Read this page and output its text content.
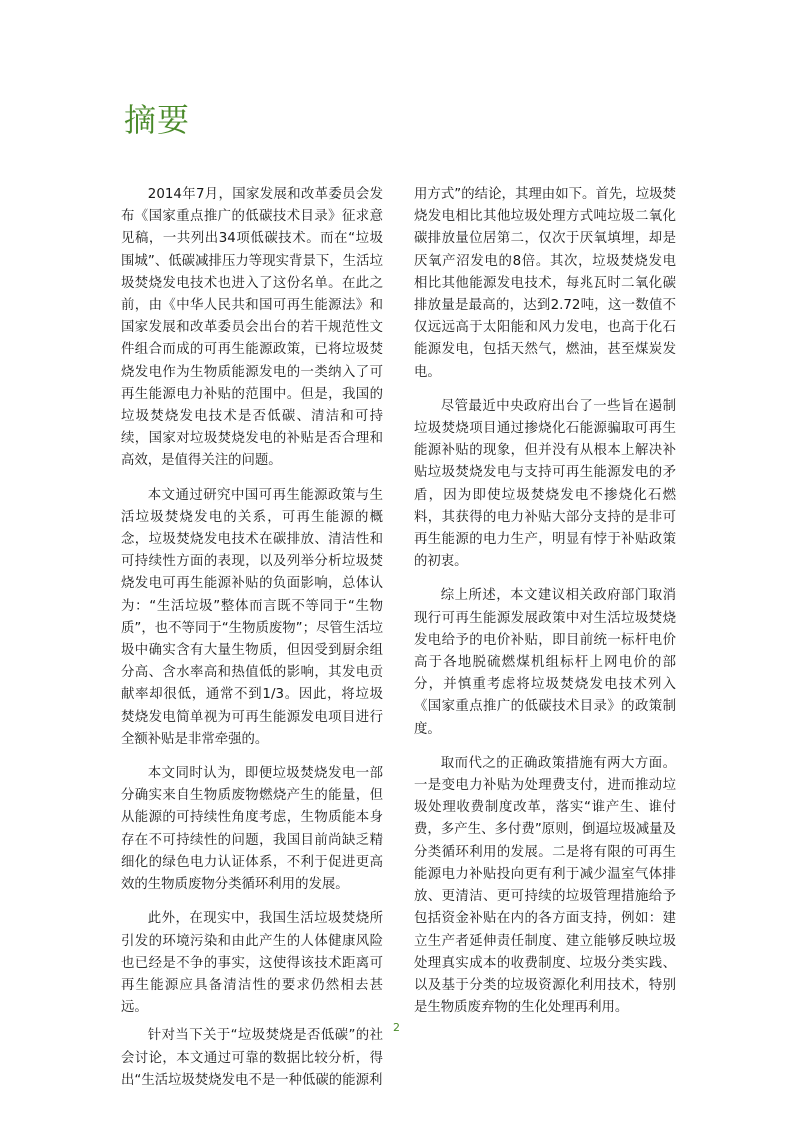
摘要

2014年7月，国家发展和改革委员会发布《国家重点推广的低碳技术目录》征求意见稿，一共列出34项低碳技术。而在“垃圾围城”、低碳减排压力等现实背景下，生活垃圾焚烧发电技术也进入了这份名单。在此之前，由《中华人民共和国可再生能源法》和国家发展和改革委员会出台的若干规范性文件组合而成的可再生能源政策，已将垃圾焚烧发电作为生物质能源发电的一类纳入了可再生能源电力补贴的范围中。但是，我国的垃圾焚烧发电技术是否低碳、清洁和可持续，国家对垃圾焚烧发电的补贴是否合理和高效，是值得关注的问题。

本文通过研究中国可再生能源政策与生活垃圾焚烧发电的关系，可再生能源的概念，垃圾焚烧发电技术在碳排放、清洁性和可持续性方面的表现，以及列举分析垃圾焚烧发电可再生能源补贴的负面影响，总体认为：“生活垃圾”整体而言既不等同于“生物质”，也不等同于“生物质废物”；尽管生活垃圾中确实含有大量生物质，但因受到厨余组分高、含水率高和热值低的影响，其发电贡献率却很低，通常不到1/3。因此，将垃圾焚烧发电简单视为可再生能源发电项目进行全额补贴是非常牵强的。

本文同时认为，即便垃圾焚烧发电一部分确实来自生物质废物燃烧产生的能量，但从能源的可持续性角度考虑，生物质能本身存在不可持续性的问题，我国目前尚缺乏精细化的绿色电力认证体系，不利于促进更高效的生物质废物分类循环利用的发展。

此外，在现实中，我国生活垃圾焚烧所引发的环境污染和由此产生的人体健康风险也已经是不争的事实，这使得该技术距离可再生能源应具备清洁性的要求仍然相去甚远。

针对当下关于“垃圾焚烧是否低碳”的社会讨论，本文通过可靠的数据比较分析，得出“生活垃圾焚烧发电不是一种低碳的能源利

用方式”的结论，其理由如下。首先，垃圾焚烧发电相比其他垃圾处理方式吨垃圾二氧化碳排放量位居第二，仅次于厌氧填埋，却是厌氧产沼发电的8倍。其次，垃圾焚烧发电相比其他能源发电技术，每兆瓦时二氧化碳排放量是最高的，达到2.72吨，这一数值不仅远远高于太阳能和风力发电，也高于化石能源发电，包括天然气，燃油，甚至煤炭发电。

尽管最近中央政府出台了一些旨在遏制垃圾焚烧项目通过掺烧化石能源骗取可再生能源补贴的现象，但并没有从根本上解决补贴垃圾焚烧发电与支持可再生能源发电的矛盾，因为即使垃圾焚烧发电不掺烧化石燃料，其获得的电力补贴大部分支持的是非可再生能源的电力生产，明显有悖于补贴政策的初衷。

综上所述，本文建议相关政府部门取消现行可再生能源发展政策中对生活垃圾焚烧发电给予的电价补贴，即目前统一标杆电价高于各地脱硫燃煤机组标杆上网电价的部分，并慎重考虑将垃圾焚烧发电技术列入《国家重点推广的低碳技术目录》的政策制度。

取而代之的正确政策措施有两大方面。一是变电力补贴为处理费支付，进而推动垃圾处理收费制度改革，落实“谁产生、谁付费，多产生、多付费”原则，倒逼垃圾减量及分类循环利用的发展。二是将有限的可再生能源电力补贴投向更有利于减少温室气体排放、更清洁、更可持续的垃圾管理措施给予包括资金补贴在内的各方面支持，例如：建立生产者延伸责任制度、建立能够反映垃圾处理真实成本的收费制度、垃圾分类实践、以及基于分类的垃圾资源化利用技术，特别是生物质废弃物的生化处理再利用。

2
